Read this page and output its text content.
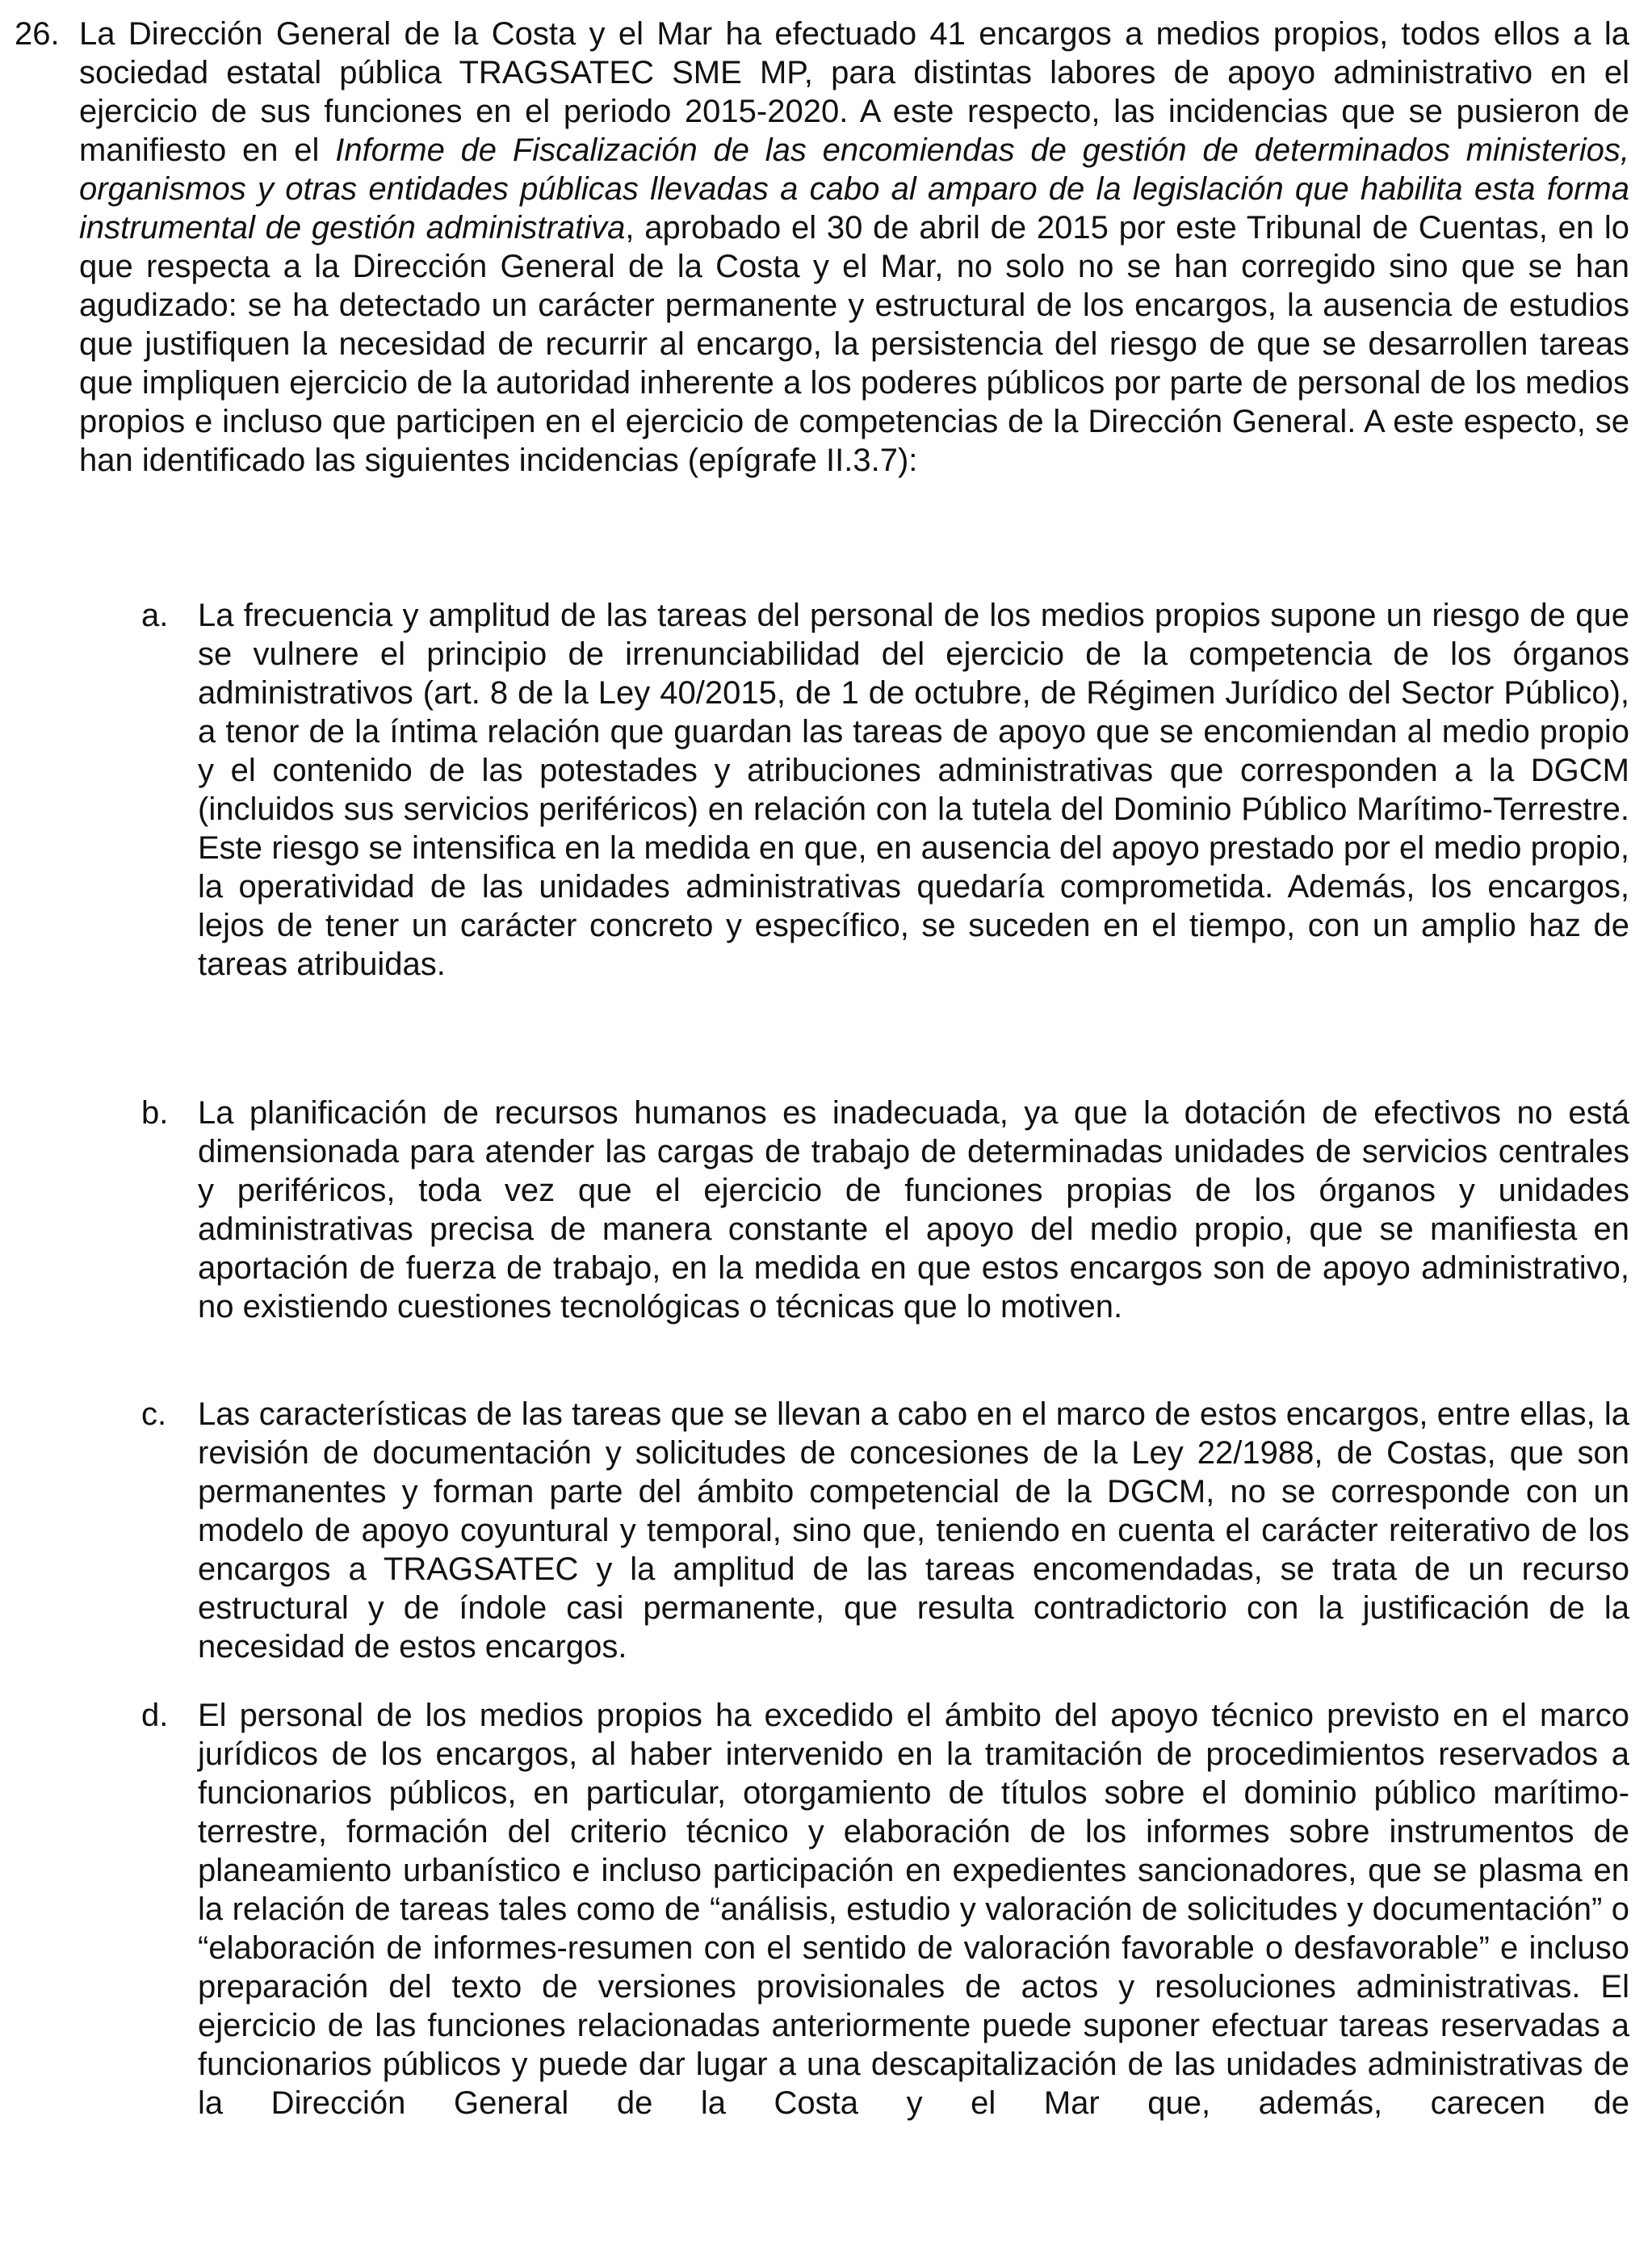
26. La Dirección General de la Costa y el Mar ha efectuado 41 encargos a medios propios, todos ellos a la sociedad estatal pública TRAGSATEC SME MP, para distintas labores de apoyo administrativo en el ejercicio de sus funciones en el periodo 2015-2020. A este respecto, las incidencias que se pusieron de manifiesto en el Informe de Fiscalización de las encomiendas de gestión de determinados ministerios, organismos y otras entidades públicas llevadas a cabo al amparo de la legislación que habilita esta forma instrumental de gestión administrativa, aprobado el 30 de abril de 2015 por este Tribunal de Cuentas, en lo que respecta a la Dirección General de la Costa y el Mar, no solo no se han corregido sino que se han agudizado: se ha detectado un carácter permanente y estructural de los encargos, la ausencia de estudios que justifiquen la necesidad de recurrir al encargo, la persistencia del riesgo de que se desarrollen tareas que impliquen ejercicio de la autoridad inherente a los poderes públicos por parte de personal de los medios propios e incluso que participen en el ejercicio de competencias de la Dirección General. A este especto, se han identificado las siguientes incidencias (epígrafe II.3.7):
a. La frecuencia y amplitud de las tareas del personal de los medios propios supone un riesgo de que se vulnere el principio de irrenunciabilidad del ejercicio de la competencia de los órganos administrativos (art. 8 de la Ley 40/2015, de 1 de octubre, de Régimen Jurídico del Sector Público), a tenor de la íntima relación que guardan las tareas de apoyo que se encomiendan al medio propio y el contenido de las potestades y atribuciones administrativas que corresponden a la DGCM (incluidos sus servicios periféricos) en relación con la tutela del Dominio Público Marítimo-Terrestre. Este riesgo se intensifica en la medida en que, en ausencia del apoyo prestado por el medio propio, la operatividad de las unidades administrativas quedaría comprometida. Además, los encargos, lejos de tener un carácter concreto y específico, se suceden en el tiempo, con un amplio haz de tareas atribuidas.
b. La planificación de recursos humanos es inadecuada, ya que la dotación de efectivos no está dimensionada para atender las cargas de trabajo de determinadas unidades de servicios centrales y periféricos, toda vez que el ejercicio de funciones propias de los órganos y unidades administrativas precisa de manera constante el apoyo del medio propio, que se manifiesta en aportación de fuerza de trabajo, en la medida en que estos encargos son de apoyo administrativo, no existiendo cuestiones tecnológicas o técnicas que lo motiven.
c. Las características de las tareas que se llevan a cabo en el marco de estos encargos, entre ellas, la revisión de documentación y solicitudes de concesiones de la Ley 22/1988, de Costas, que son permanentes y forman parte del ámbito competencial de la DGCM, no se corresponde con un modelo de apoyo coyuntural y temporal, sino que, teniendo en cuenta el carácter reiterativo de los encargos a TRAGSATEC y la amplitud de las tareas encomendadas, se trata de un recurso estructural y de índole casi permanente, que resulta contradictorio con la justificación de la necesidad de estos encargos.
d. El personal de los medios propios ha excedido el ámbito del apoyo técnico previsto en el marco jurídicos de los encargos, al haber intervenido en la tramitación de procedimientos reservados a funcionarios públicos, en particular, otorgamiento de títulos sobre el dominio público marítimo-terrestre, formación del criterio técnico y elaboración de los informes sobre instrumentos de planeamiento urbanístico e incluso participación en expedientes sancionadores, que se plasma en la relación de tareas tales como de “análisis, estudio y valoración de solicitudes y documentación” o “elaboración de informes-resumen con el sentido de valoración favorable o desfavorable” e incluso preparación del texto de versiones provisionales de actos y resoluciones administrativas. El ejercicio de las funciones relacionadas anteriormente puede suponer efectuar tareas reservadas a funcionarios públicos y puede dar lugar a una descapitalización de las unidades administrativas de la Dirección General de la Costa y el Mar que, además, carecen de
